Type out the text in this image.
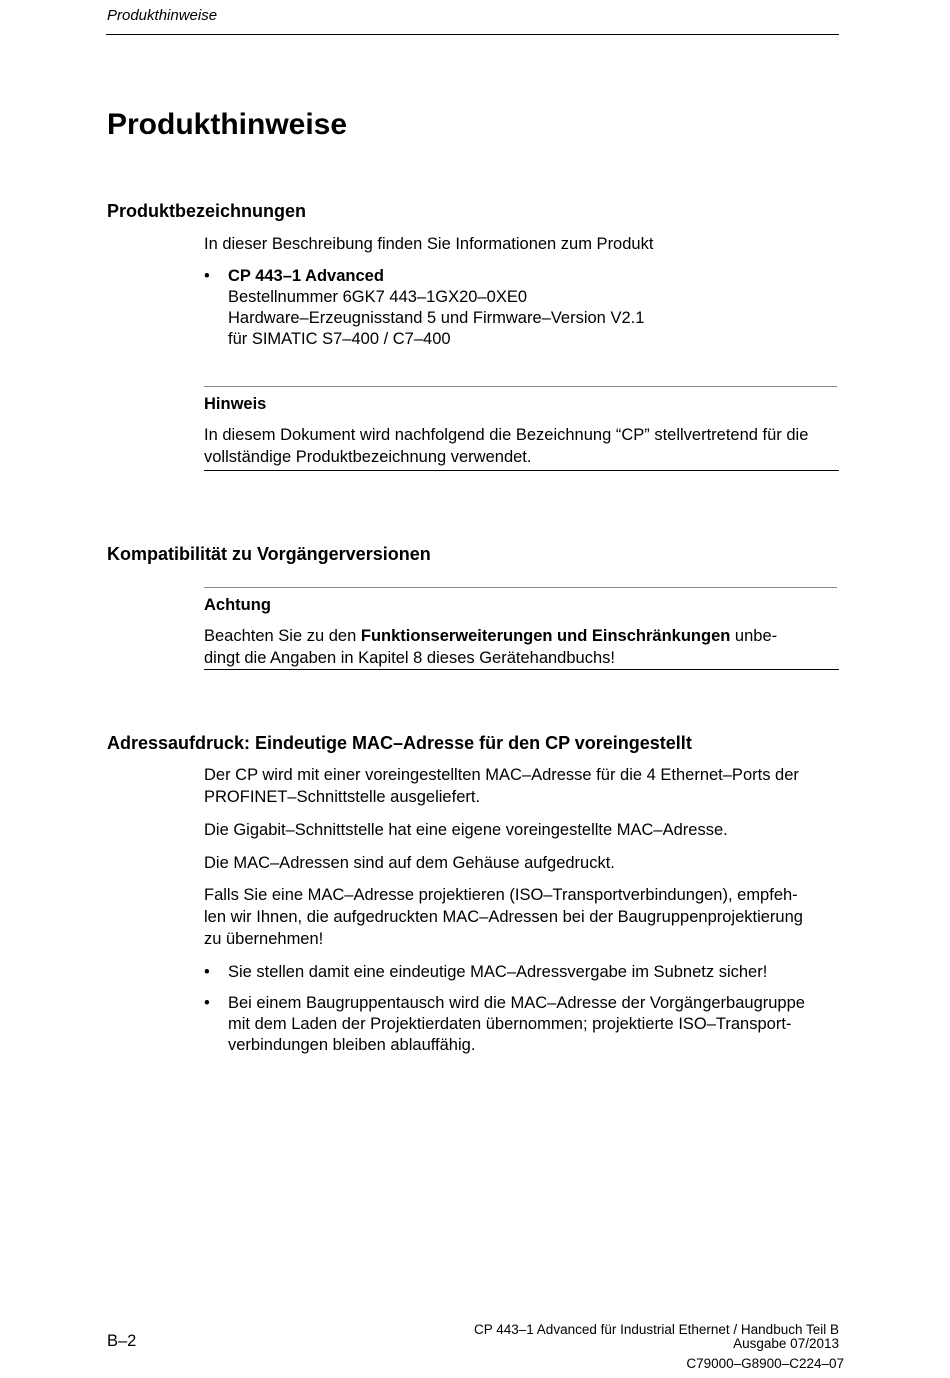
Produkthinweise
Produkthinweise
Produktbezeichnungen
In dieser Beschreibung finden Sie Informationen zum Produkt
• CP 443–1 Advanced
Bestellnummer 6GK7 443–1GX20–0XE0
Hardware–Erzeugnisstand 5 und Firmware–Version V2.1
für SIMATIC S7–400 / C7–400
Hinweis
In diesem Dokument wird nachfolgend die Bezeichnung “CP” stellvertretend für die
vollständige Produktbezeichnung verwendet.
Kompatibilität zu Vorgängerversionen
Achtung
Beachten Sie zu den Funktionserweiterungen und Einschränkungen unbe-
dingt die Angaben in Kapitel 8 dieses Gerätehandbuchs!
Adressaufdruck: Eindeutige MAC–Adresse für den CP voreingestellt
Der CP wird mit einer voreingestellten MAC–Adresse für die 4 Ethernet–Ports der
PROFINET–Schnittstelle ausgeliefert.
Die Gigabit–Schnittstelle hat eine eigene voreingestellte MAC–Adresse.
Die MAC–Adressen sind auf dem Gehäuse aufgedruckt.
Falls Sie eine MAC–Adresse projektieren (ISO–Transportverbindungen), empfeh-
len wir Ihnen, die aufgedruckten MAC–Adressen bei der Baugruppenprojektierung
zu übernehmen!
• Sie stellen damit eine eindeutige MAC–Adressvergabe im Subnetz sicher!
• Bei einem Baugruppentausch wird die MAC–Adresse der Vorgängerbaugruppe
mit dem Laden der Projektierdaten übernommen; projektierte ISO–Transport-
verbindungen bleiben ablauffähig.
B–2
CP 443–1 Advanced für Industrial Ethernet / Handbuch Teil B
Ausgabe 07/2013
C79000–G8900–C224–07
